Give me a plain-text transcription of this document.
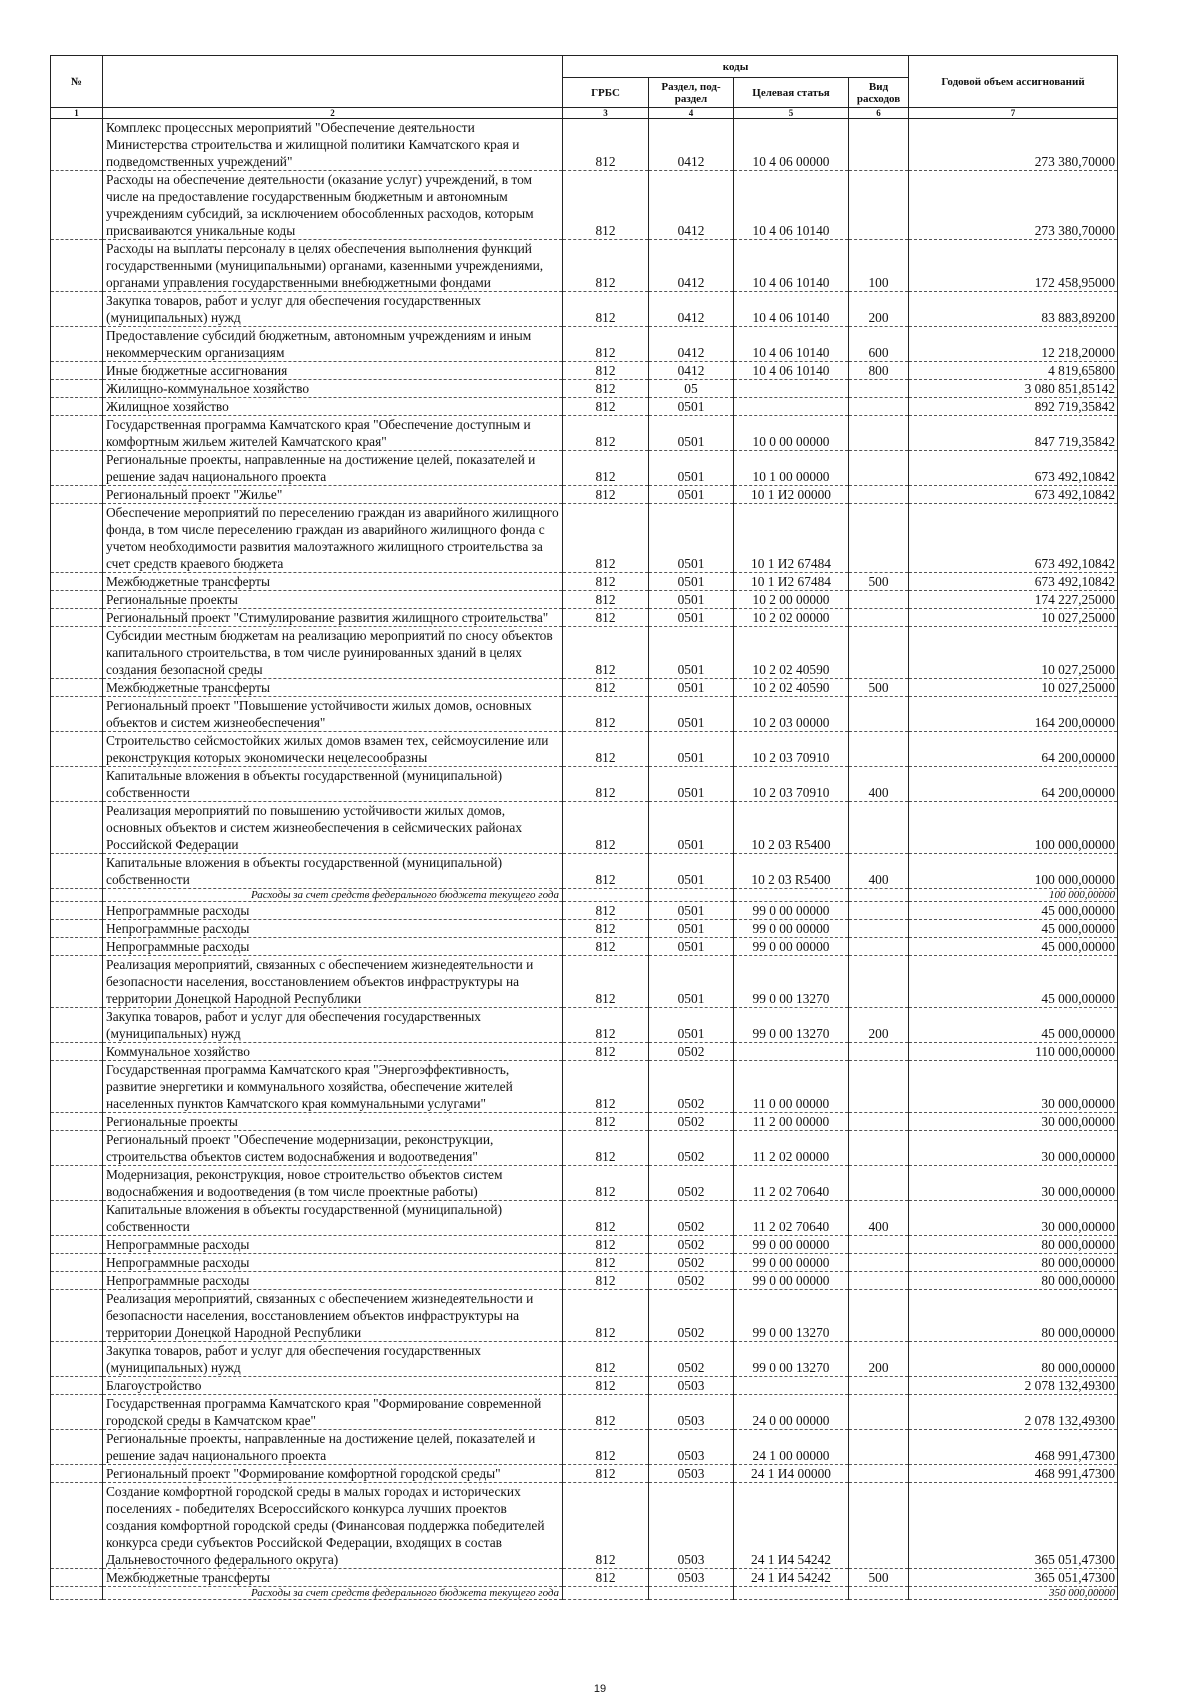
№		коды				Годовой объем ассигнований
		ГРБС	Раздел, под-раздел	Целевая статья	Вид расходов	
1	2	3	4	5	6	7
	Комплекс процессных мероприятий "Обеспечение деятельности Министерства строительства и жилищной политики Камчатского края и подведомственных учреждений"	812	0412	10 4 06 00000		273 380,70000
	Расходы на обеспечение деятельности (оказание услуг) учреждений, в том числе на предоставление государственным бюджетным и автономным учреждениям субсидий, за исключением обособленных расходов, которым присваиваются уникальные коды	812	0412	10 4 06 10140		273 380,70000
	Расходы на выплаты персоналу в целях обеспечения выполнения функций государственными (муниципальными) органами, казенными учреждениями, органами управления государственными внебюджетными фондами	812	0412	10 4 06 10140	100	172 458,95000
	Закупка товаров, работ и услуг для обеспечения государственных (муниципальных) нужд	812	0412	10 4 06 10140	200	83 883,89200
	Предоставление субсидий бюджетным, автономным учреждениям и иным некоммерческим организациям	812	0412	10 4 06 10140	600	12 218,20000
	Иные бюджетные ассигнования	812	0412	10 4 06 10140	800	4 819,65800
	Жилищно-коммунальное хозяйство	812	05			3 080 851,85142
	Жилищное хозяйство	812	0501			892 719,35842
	Государственная программа Камчатского края "Обеспечение доступным и комфортным жильем жителей Камчатского края"	812	0501	10 0 00 00000		847 719,35842
	Региональные проекты, направленные на достижение целей, показателей и решение задач национального проекта	812	0501	10 1 00 00000		673 492,10842
	Региональный проект "Жилье"	812	0501	10 1 И2 00000		673 492,10842
	Обеспечение мероприятий по переселению граждан из аварийного жилищного фонда, в том числе переселению граждан из аварийного жилищного фонда с учетом необходимости развития малоэтажного жилищного строительства за счет средств краевого бюджета	812	0501	10 1 И2 67484		673 492,10842
	Межбюджетные трансферты	812	0501	10 1 И2 67484	500	673 492,10842
	Региональные проекты	812	0501	10 2 00 00000		174 227,25000
	Региональный проект "Стимулирование развития жилищного строительства"	812	0501	10 2 02 00000		10 027,25000
	Субсидии местным бюджетам на реализацию мероприятий по сносу объектов капитального строительства, в том числе руинированных зданий в целях создания безопасной среды	812	0501	10 2 02 40590		10 027,25000
	Межбюджетные трансферты	812	0501	10 2 02 40590	500	10 027,25000
	Региональный проект "Повышение устойчивости жилых домов, основных объектов и систем жизнеобеспечения"	812	0501	10 2 03 00000		164 200,00000
	Строительство сейсмостойких жилых домов взамен тех, сейсмоусиление или реконструкция которых экономически нецелесообразны	812	0501	10 2 03 70910		64 200,00000
	Капитальные вложения в объекты государственной (муниципальной) собственности	812	0501	10 2 03 70910	400	64 200,00000
	Реализация мероприятий по повышению устойчивости жилых домов, основных объектов и систем жизнеобеспечения в сейсмических районах Российской Федерации	812	0501	10 2 03 R5400		100 000,00000
	Капитальные вложения в объекты государственной (муниципальной) собственности	812	0501	10 2 03 R5400	400	100 000,00000
	Расходы за счет средств федерального бюджета текущего года					100 000,00000
	Непрограммные расходы	812	0501	99 0 00 00000		45 000,00000
	Непрограммные расходы	812	0501	99 0 00 00000		45 000,00000
	Непрограммные расходы	812	0501	99 0 00 00000		45 000,00000
	Реализация мероприятий, связанных с обеспечением жизнедеятельности и безопасности населения, восстановлением объектов инфраструктуры на территории Донецкой Народной Республики	812	0501	99 0 00 13270		45 000,00000
	Закупка товаров, работ и услуг для обеспечения государственных (муниципальных) нужд	812	0501	99 0 00 13270	200	45 000,00000
	Коммунальное хозяйство	812	0502			110 000,00000
	Государственная программа Камчатского края "Энергоэффективность, развитие энергетики и коммунального хозяйства, обеспечение жителей населенных пунктов Камчатского края коммунальными услугами"	812	0502	11 0 00 00000		30 000,00000
	Региональные проекты	812	0502	11 2 00 00000		30 000,00000
	Региональный проект "Обеспечение модернизации, реконструкции, строительства объектов систем водоснабжения и водоотведения"	812	0502	11 2 02 00000		30 000,00000
	Модернизация, реконструкция, новое строительство объектов систем водоснабжения и водоотведения (в том числе проектные работы)	812	0502	11 2 02 70640		30 000,00000
	Капитальные вложения в объекты государственной (муниципальной) собственности	812	0502	11 2 02 70640	400	30 000,00000
	Непрограммные расходы	812	0502	99 0 00 00000		80 000,00000
	Непрограммные расходы	812	0502	99 0 00 00000		80 000,00000
	Непрограммные расходы	812	0502	99 0 00 00000		80 000,00000
	Реализация мероприятий, связанных с обеспечением жизнедеятельности и безопасности населения, восстановлением объектов инфраструктуры на территории Донецкой Народной Республики	812	0502	99 0 00 13270		80 000,00000
	Закупка товаров, работ и услуг для обеспечения государственных (муниципальных) нужд	812	0502	99 0 00 13270	200	80 000,00000
	Благоустройство	812	0503			2 078 132,49300
	Государственная программа Камчатского края "Формирование современной городской среды в Камчатском крае"	812	0503	24 0 00 00000		2 078 132,49300
	Региональные проекты, направленные на достижение целей, показателей и решение задач национального проекта	812	0503	24 1 00 00000		468 991,47300
	Региональный проект "Формирование комфортной городской среды"	812	0503	24 1 И4 00000		468 991,47300
	Создание комфортной городской среды в малых городах и исторических поселениях - победителях Всероссийского конкурса лучших проектов создания комфортной городской среды (Финансовая поддержка победителей конкурса среди субъектов Российской Федерации, входящих в состав Дальневосточного федерального округа)	812	0503	24 1 И4 54242		365 051,47300
	Межбюджетные трансферты	812	0503	24 1 И4 54242	500	365 051,47300
	Расходы за счет средств федерального бюджета текущего года					350 000,00000
19
